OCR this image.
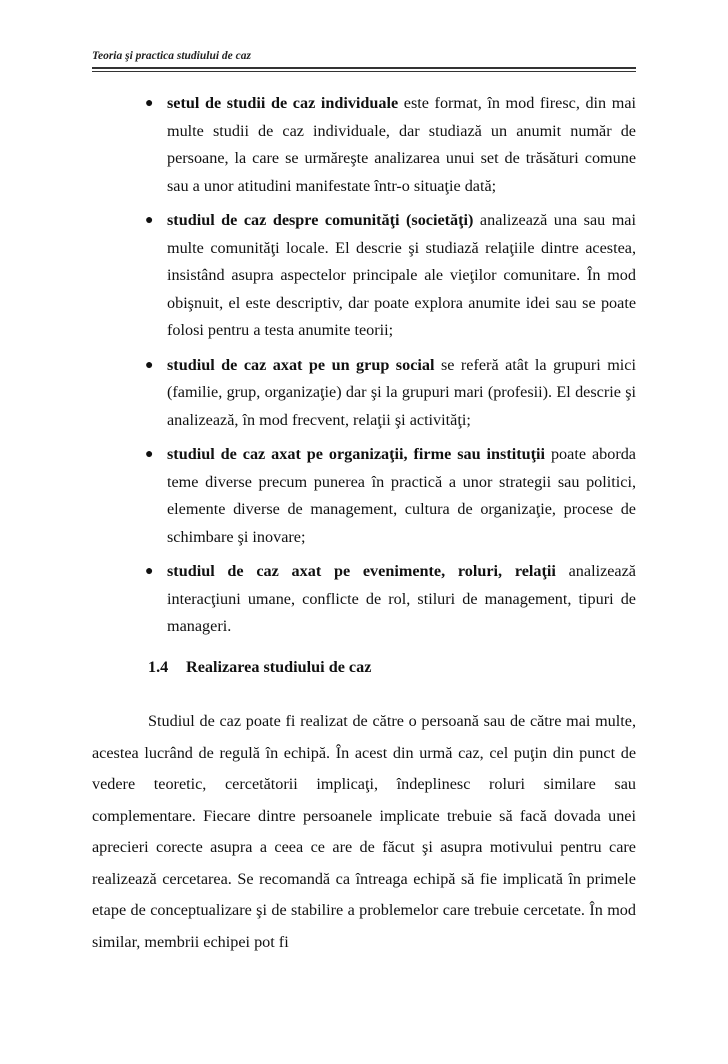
Teoria şi practica studiului de caz
● setul de studii de caz individuale este format, în mod firesc, din mai multe studii de caz individuale, dar studiază un anumit număr de persoane, la care se urmăreşte analizarea unui set de trăsături comune sau a unor atitudini manifestate într-o situaţie dată;
● studiul de caz despre comunităţi (societăţi) analizează una sau mai multe comunităţi locale. El descrie şi studiază relaţiile dintre acestea, insistând asupra aspectelor principale ale vieţilor comunitare. În mod obişnuit, el este descriptiv, dar poate explora anumite idei sau se poate folosi pentru a testa anumite teorii;
● studiul de caz axat pe un grup social se referă atât la grupuri mici (familie, grup, organizaţie) dar şi la grupuri mari (profesii). El descrie şi analizează, în mod frecvent, relaţii şi activităţi;
● studiul de caz axat pe organizaţii, firme sau instituţii poate aborda teme diverse precum punerea în practică a unor strategii sau politici, elemente diverse de management, cultura de organizaţie, procese de schimbare şi inovare;
● studiul de caz axat pe evenimente, roluri, relaţii analizează interacţiuni umane, conflicte de rol, stiluri de management, tipuri de manageri.
1.4 Realizarea studiului de caz

Studiul de caz poate fi realizat de către o persoană sau de către mai multe, acestea lucrând de regulă în echipă. În acest din urmă caz, cel puţin din punct de vedere teoretic, cercetătorii implicaţi, îndeplinesc roluri similare sau complementare. Fiecare dintre persoanele implicate trebuie să facă dovada unei aprecieri corecte asupra a ceea ce are de făcut şi asupra motivului pentru care realizează cercetarea. Se recomandă ca întreaga echipă să fie implicată în primele etape de conceptualizare şi de stabilire a problemelor care trebuie cercetate. În mod similar, membrii echipei pot fi
